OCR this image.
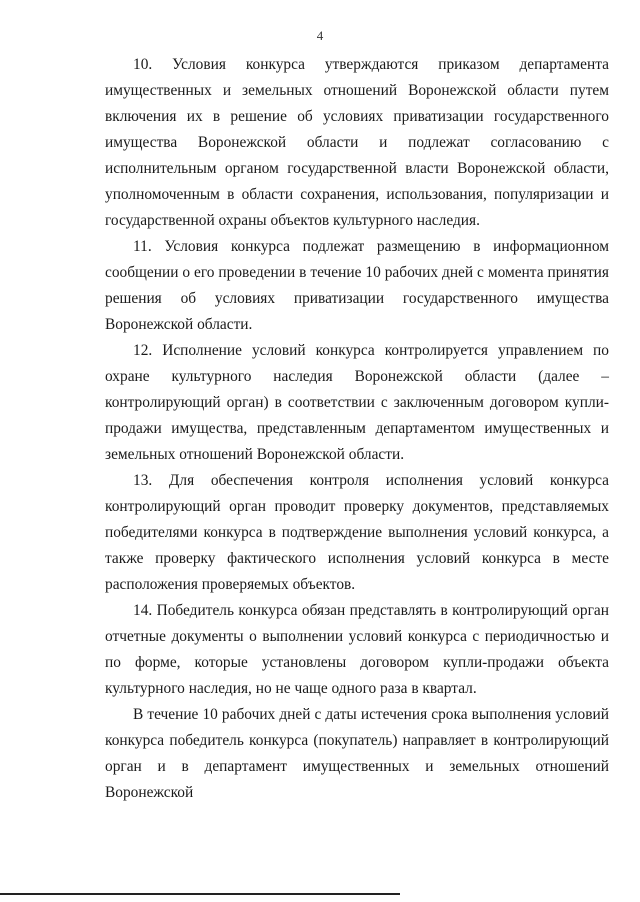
4

10. Условия конкурса утверждаются приказом департамента имущественных и земельных отношений Воронежской области путем включения их в решение об условиях приватизации государственного имущества Воронежской области и подлежат согласованию с исполнительным органом государственной власти Воронежской области, уполномоченным в области сохранения, использования, популяризации и государственной охраны объектов культурного наследия.

11. Условия конкурса подлежат размещению в информационном сообщении о его проведении в течение 10 рабочих дней с момента принятия решения об условиях приватизации государственного имущества Воронежской области.

12. Исполнение условий конкурса контролируется управлением по охране культурного наследия Воронежской области (далее – контролирующий орган) в соответствии с заключенным договором купли-продажи имущества, представленным департаментом имущественных и земельных отношений Воронежской области.

13. Для обеспечения контроля исполнения условий конкурса контролирующий орган проводит проверку документов, представляемых победителями конкурса в подтверждение выполнения условий конкурса, а также проверку фактического исполнения условий конкурса в месте расположения проверяемых объектов.

14. Победитель конкурса обязан представлять в контролирующий орган отчетные документы о выполнении условий конкурса с периодичностью и по форме, которые установлены договором купли-продажи объекта культурного наследия, но не чаще одного раза в квартал.

В течение 10 рабочих дней с даты истечения срока выполнения условий конкурса победитель конкурса (покупатель) направляет в контролирующий орган и в департамент имущественных и земельных отношений Воронежской
